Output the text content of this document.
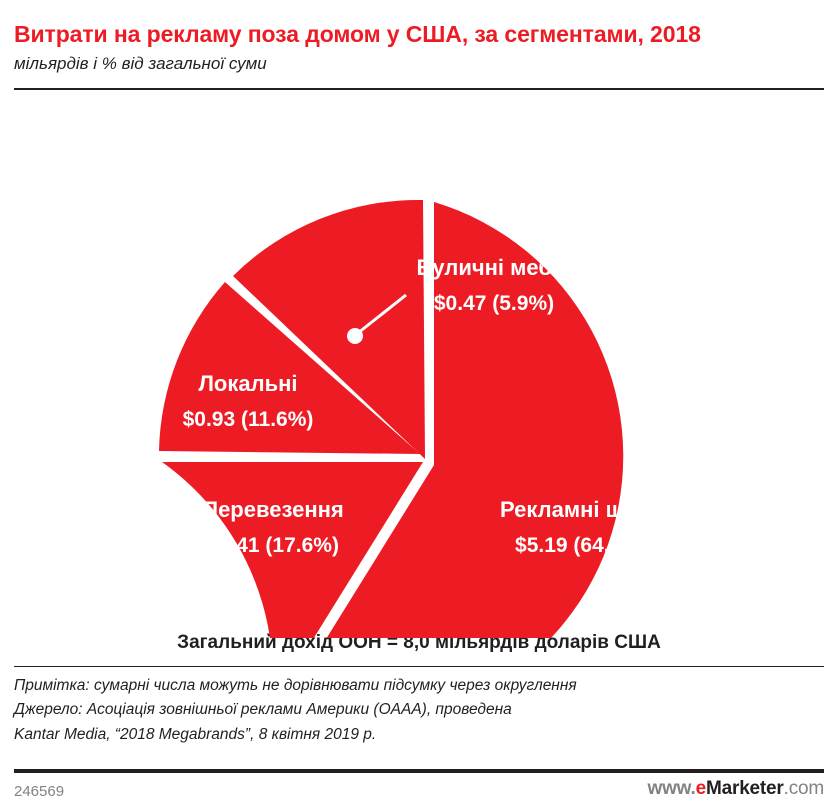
Витрати на рекламу поза домом у США, за сегментами, 2018
мільярдів і % від загальної суми
Вуличні меблі
$0.47 (5.9%)
Локальні
$0.93 (11.6%)
Перевезення
$1.41 (17.6%)
Рекламні щити
$5.19 (64.9%)
Загальний дохід ООН = 8,0 мільярдів доларів США
Примітка: сумарні числа можуть не дорівнювати підсумку через округлення
Джерело: Асоціація зовнішньої реклами Америки (OAAA), проведена
Kantar Media, “2018 Megabrands”, 8 квітня 2019 р.
246569	www.eMarketer.com
